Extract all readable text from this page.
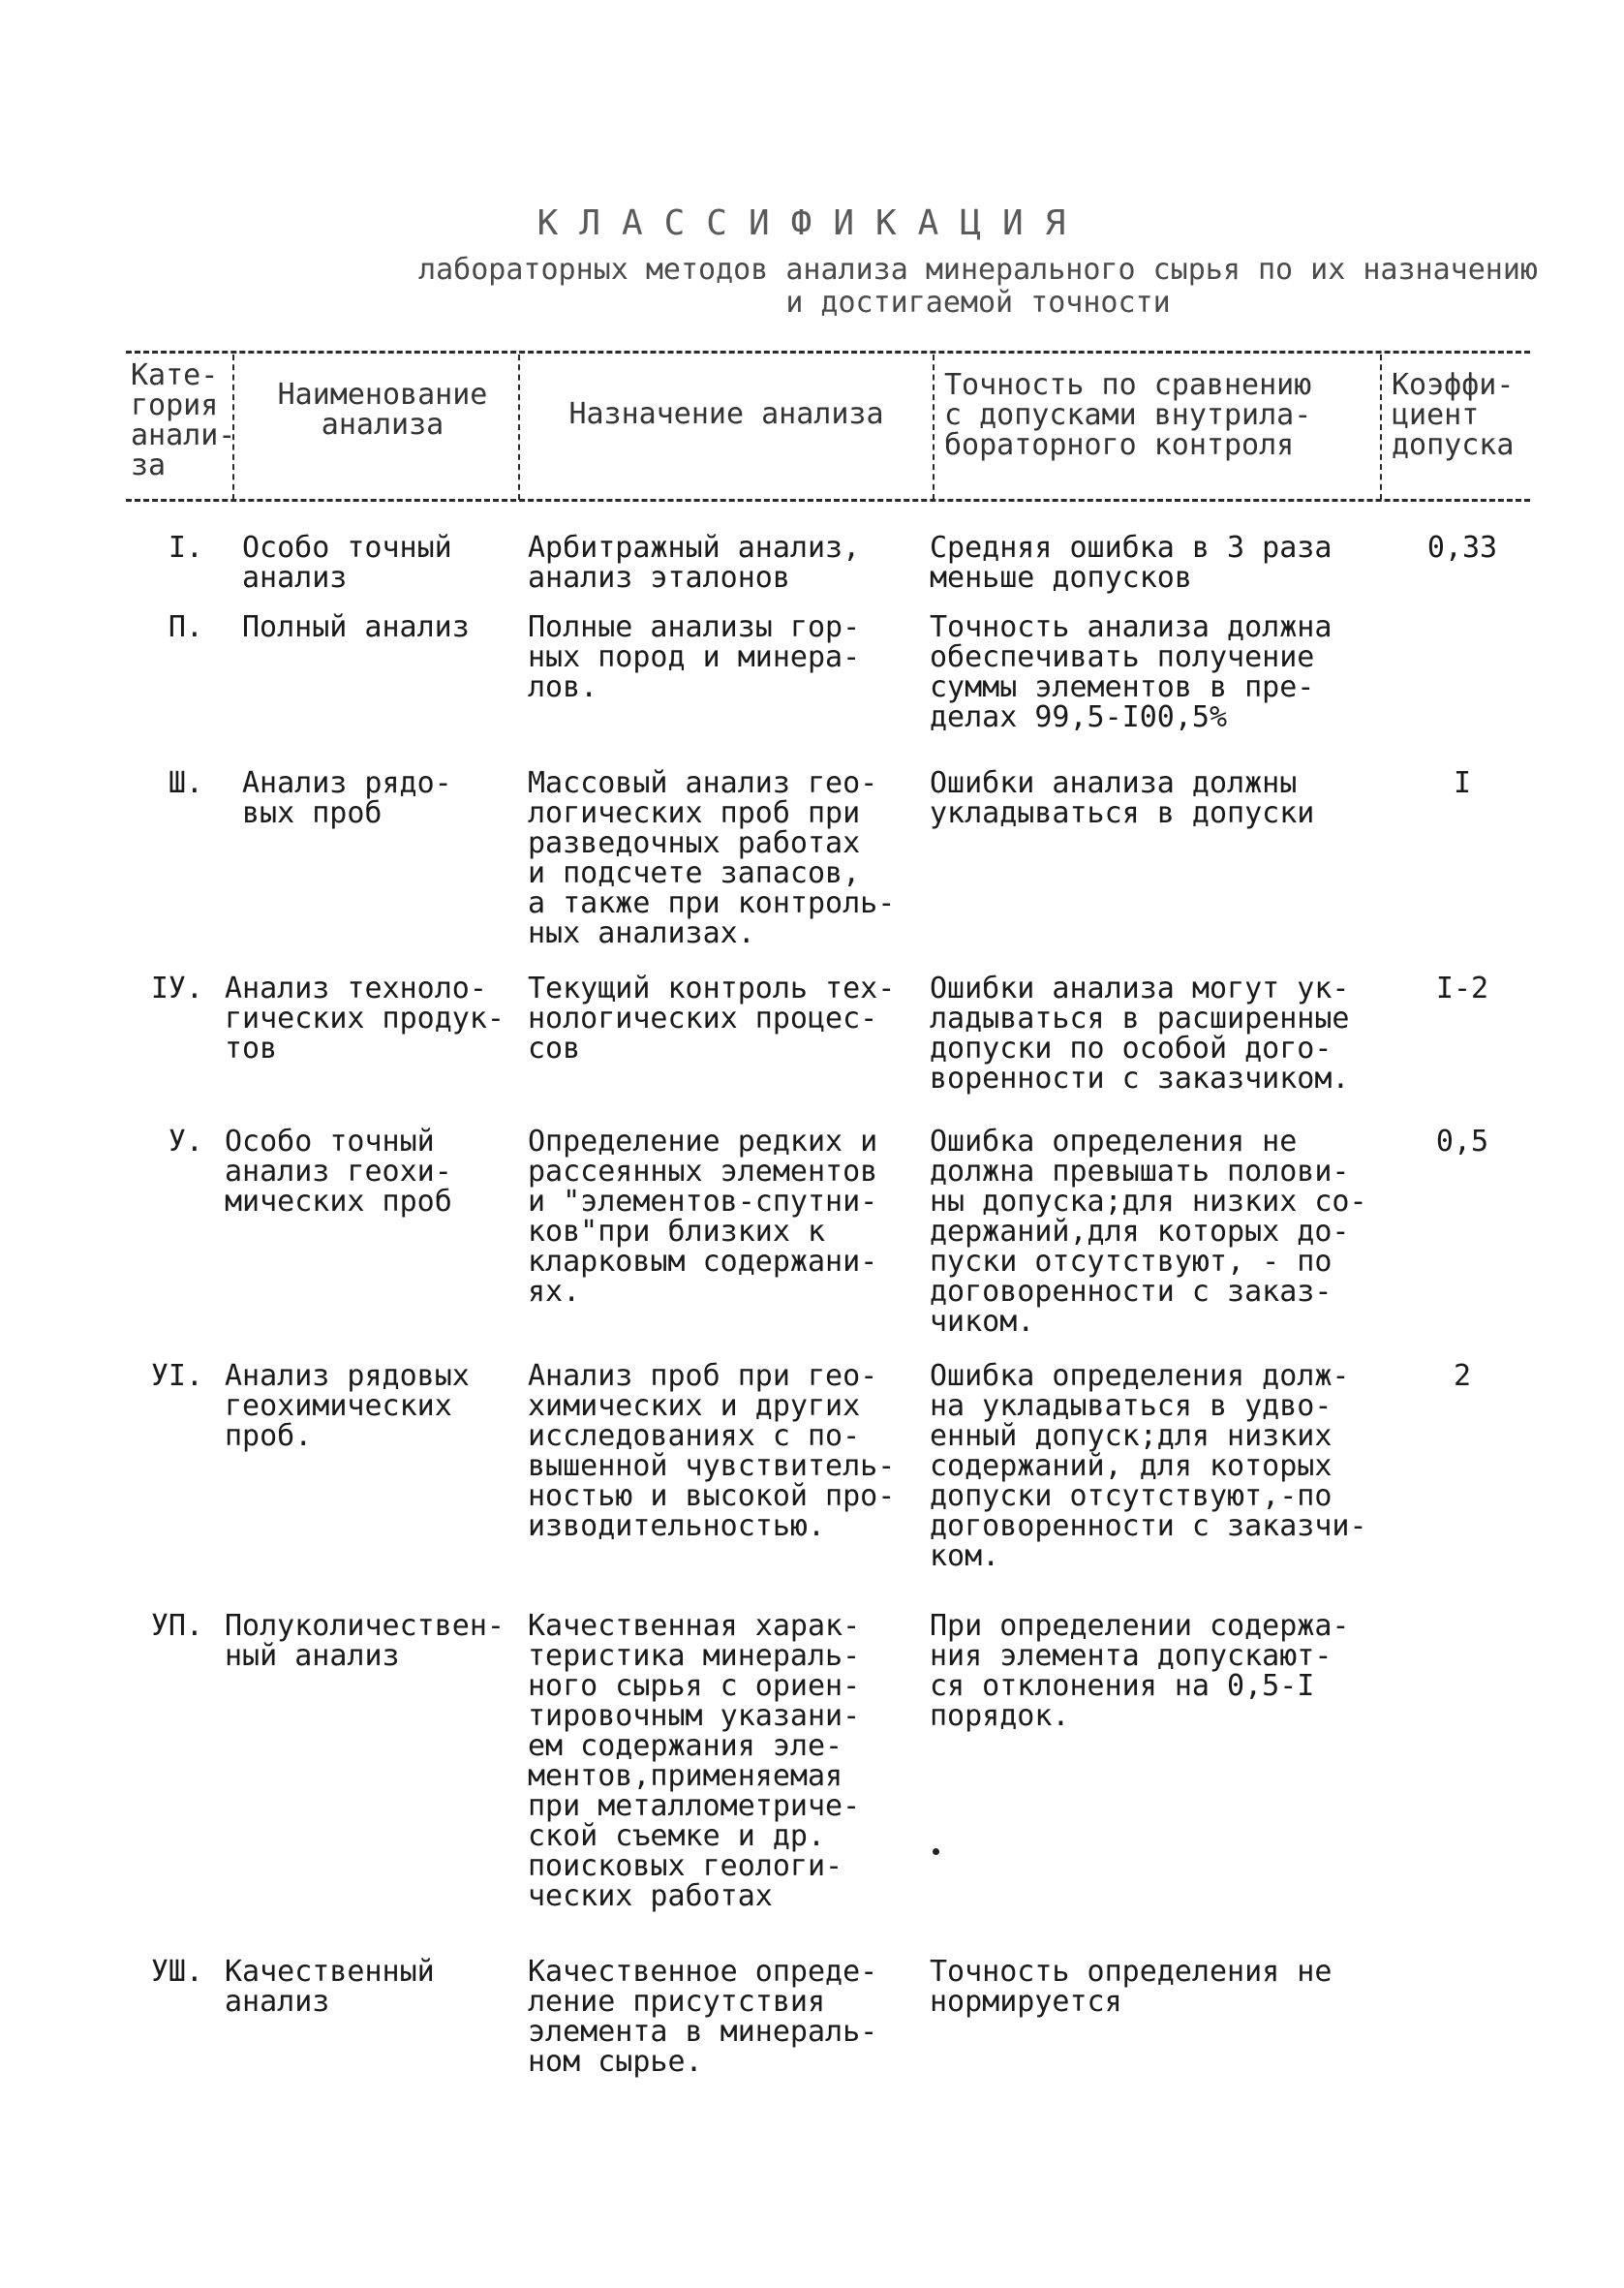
КЛАССИФИКАЦИЯ
лабораторных методов анализа минерального сырья по их назначению и достигаемой точности
Кате-
гория
анали-
за
Наименование
анализа	Назначение анализа
Точность по сравнению
с допусками внутрила-
бораторного контроля
Коэффи-
циент
допуска
I. Особо точный
анализ
Арбитражный анализ,
анализ эталонов
Средняя ошибка в 3 раза
меньше допусков
0,33
П. Полный анализ	Полные анализы гор-
ных пород и минера-
лов.
Точность анализа должна
обеспечивать получение
суммы элементов в пре-
делах 99,5-I00,5%
Ш. Анализ рядо-
вых проб
Массовый анализ гео-
логических проб при
разведочных работах
и подсчете запасов,
а также при контроль-
ных анализах.
Ошибки анализа должны
укладываться в допуски
I
IУ. Анализ техноло-
гических продук-
тов
Текущий контроль тех-
нологических процес-
сов
Ошибки анализа могут ук-
ладываться в расширенные
допуски по особой дого-
воренности с заказчиком.
I-2
У. Особо точный
анализ геохи-
мических проб
Определение редких и
рассеянных элементов
и "элементов-спутни-
ков"при близких к
кларковым содержани-
ях.
Ошибка определения не
должна превышать полови-
ны допуска;для низких со-
держаний,для которых до-
пуски отсутствуют, - по
договоренности с заказ-
чиком.
0,5
УI. Анализ рядовых
геохимических
проб.
Анализ проб при гео-
химических и других
исследованиях с по-
вышенной чувствитель-
ностью и высокой про-
изводительностью.
Ошибка определения долж-
на укладываться в удво-
енный допуск;для низких
содержаний, для которых
допуски отсутствуют,-по
договоренности с заказчи-
ком.
2
УП. Полуколичествен-
ный анализ
Качественная харак-
теристика минераль-
ного сырья с ориен-
тировочным указани-
ем содержания эле-
ментов,применяемая
при металлометриче-
ской съемке и др.
поисковых геологи-
ческих работах
При определении содержа-
ния элемента допускают-
ся отклонения на 0,5-I
порядок.
УШ. Качественный
анализ
Качественное опреде-
ление присутствия
элемента в минераль-
ном сырье.
Точность определения не
нормируется
